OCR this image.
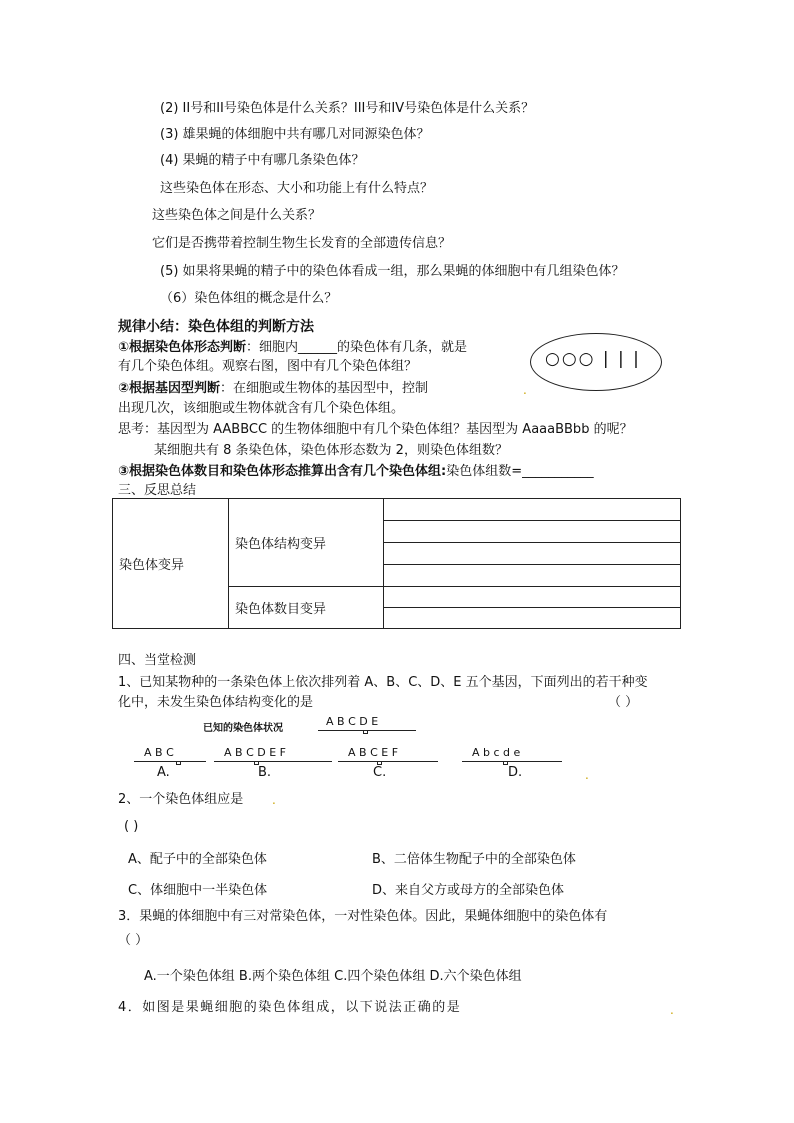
(2) II号和II号染色体是什么关系？III号和IV号染色体是什么关系？
(3) 雄果蝇的体细胞中共有哪几对同源染色体？
(4) 果蝇的精子中有哪几条染色体？
这些染色体在形态、大小和功能上有什么特点？
这些染色体之间是什么关系？
它们是否携带着控制生物生长发育的全部遗传信息？
(5) 如果将果蝇的精子中的染色体看成一组，那么果蝇的体细胞中有几组染色体？
（6）染色体组的概念是什么？
规律小结：染色体组的判断方法
①根据染色体形态判断：细胞内______的染色体有几条，就是
有几个染色体组。观察右图，图中有几个染色体组？	○○○ | | |
②根据基因型判断：在细胞或生物体的基因型中，控制	.
出现几次，该细胞或生物体就含有几个染色体组。
思考：基因型为 AABBCC 的生物体细胞中有几个染色体组？基因型为 AaaaBBbb 的呢？
某细胞共有 8 条染色体，染色体形态数为 2，则染色体组数？
③根据染色体数目和染色体形态推算出含有几个染色体组:染色体组数=___________
三、反思总结
染色体变异	染色体结构变异	

	染色体数目变异	

四、当堂检测
1、已知某物种的一条染色体上依次排列着 A、B、C、D、E 五个基因，下面列出的若干种变
化中，未发生染色体结构变化的是	（ ）
已知的染色体状况
A B C D E
A B C
A.
A B C D E F
B.
A B C E F
C.
A b c d e
D.	.
2、一个染色体组应是 .
( )
A、配子中的全部染色体	B、二倍体生物配子中的全部染色体
C、体细胞中一半染色体	D、来自父方或母方的全部染色体
3．果蝇的体细胞中有三对常染色体，一对性染色体。因此，果蝇体细胞中的染色体有
（ ）
A.一个染色体组 B.两个染色体组 C.四个染色体组 D.六个染色体组
4．如图是果蝇细胞的染色体组成，以下说法正确的是	.
